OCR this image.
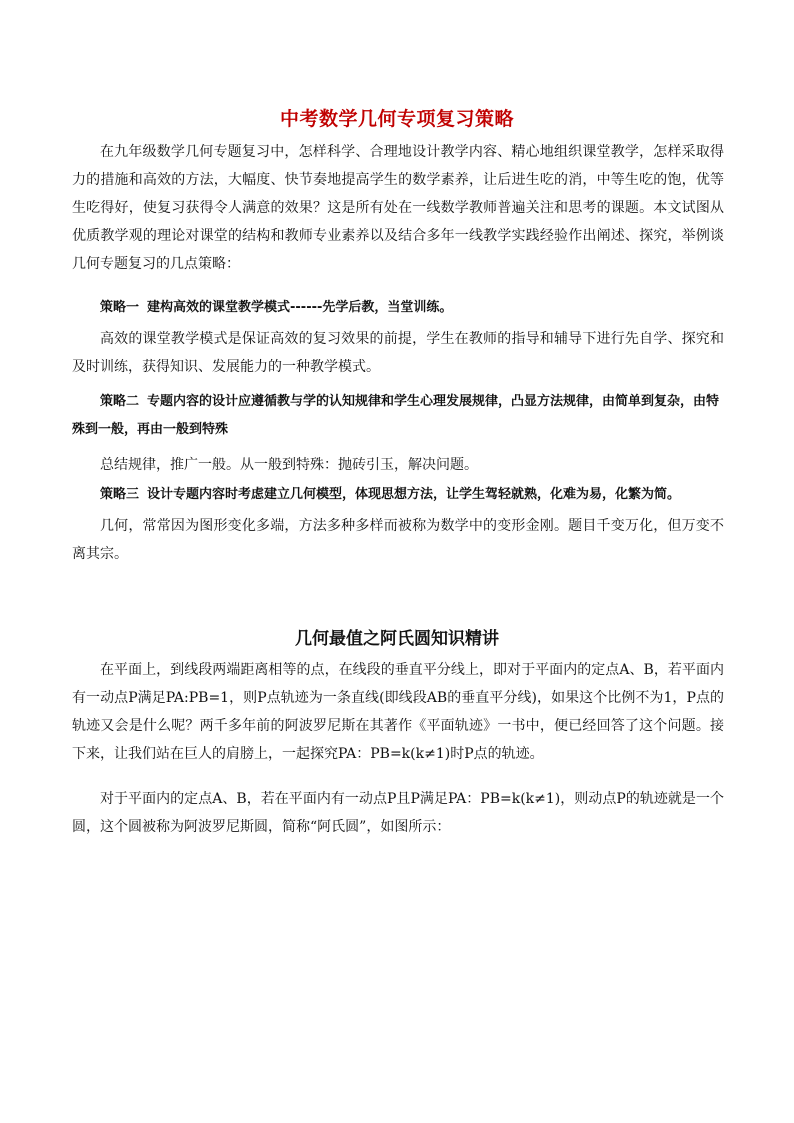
中考数学几何专项复习策略

在九年级数学几何专题复习中，怎样科学、合理地设计教学内容、精心地组织课堂教学，怎样采取得力的措施和高效的方法，大幅度、快节奏地提高学生的数学素养，让后进生吃的消，中等生吃的饱，优等生吃得好，使复习获得令人满意的效果？这是所有处在一线数学教师普遍关注和思考的课题。本文试图从优质教学观的理论对课堂的结构和教师专业素养以及结合多年一线教学实践经验作出阐述、探究，举例谈几何专题复习的几点策略：

策略一 建构高效的课堂教学模式------先学后教，当堂训练。

高效的课堂教学模式是保证高效的复习效果的前提，学生在教师的指导和辅导下进行先自学、探究和及时训练，获得知识、发展能力的一种教学模式。

策略二 专题内容的设计应遵循教与学的认知规律和学生心理发展规律，凸显方法规律，由简单到复杂，由特殊到一般，再由一般到特殊

总结规律，推广一般。从一般到特殊：抛砖引玉，解决问题。

策略三 设计专题内容时考虑建立几何模型，体现思想方法，让学生驾轻就熟，化难为易，化繁为简。

几何，常常因为图形变化多端，方法多种多样而被称为数学中的变形金刚。题目千变万化，但万变不离其宗。

几何最值之阿氏圆知识精讲

在平面上，到线段两端距离相等的点，在线段的垂直平分线上，即对于平面内的定点A、B，若平面内有一动点P满足PA:PB=1，则P点轨迹为一条直线(即线段AB的垂直平分线)，如果这个比例不为1，P点的轨迹又会是什么呢？两千多年前的阿波罗尼斯在其著作《平面轨迹》一书中，便已经回答了这个问题。接下来，让我们站在巨人的肩膀上，一起探究PA：PB=k(k≠1)时P点的轨迹。

对于平面内的定点A、B，若在平面内有一动点P且P满足PA：PB=k(k≠1)，则动点P的轨迹就是一个圆，这个圆被称为阿波罗尼斯圆，简称“阿氏圆”，如图所示：
